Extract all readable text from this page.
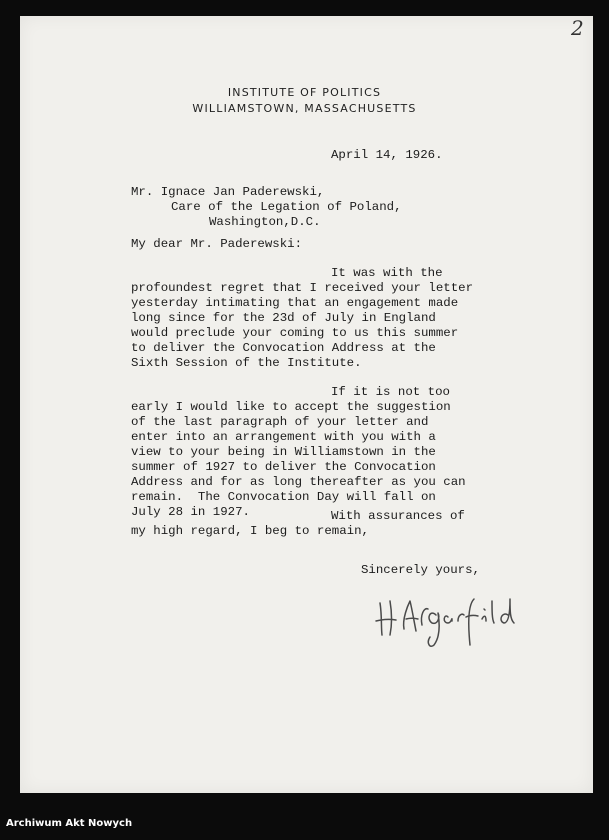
2
INSTITUTE OF POLITICS
WILLIAMSTOWN, MASSACHUSETTS
April 14, 1926.
Mr. Ignace Jan Paderewski,
Care of the Legation of Poland,
Washington,D.C.
My dear Mr. Paderewski:
It was with the
profoundest regret that I received your letter
yesterday intimating that an engagement made
long since for the 23d of July in England
would preclude your coming to us this summer
to deliver the Convocation Address at the
Sixth Session of the Institute.
If it is not too
early I would like to accept the suggestion
of the last paragraph of your letter and
enter into an arrangement with you with a
view to your being in Williamstown in the
summer of 1927 to deliver the Convocation
Address and for as long thereafter as you can
remain.  The Convocation Day will fall on
July 28 in 1927.	With assurances of
my high regard, I beg to remain,
Sincerely yours,
Archiwum Akt Nowych
